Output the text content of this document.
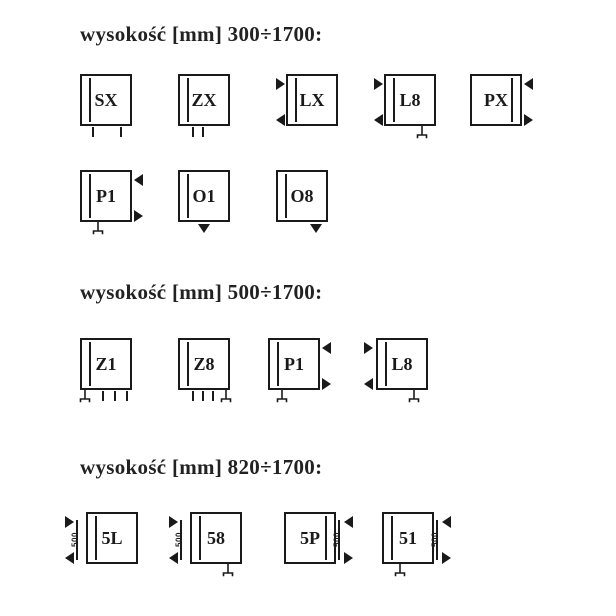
wysokość [mm] 300÷1700:
SX	ZX	LX	L8	PX
P1	O1	O8
wysokość [mm] 500÷1700:
Z1	Z8	P1	L8
wysokość [mm] 820÷1700:
5L
500	58
500	5P 500	51 500
